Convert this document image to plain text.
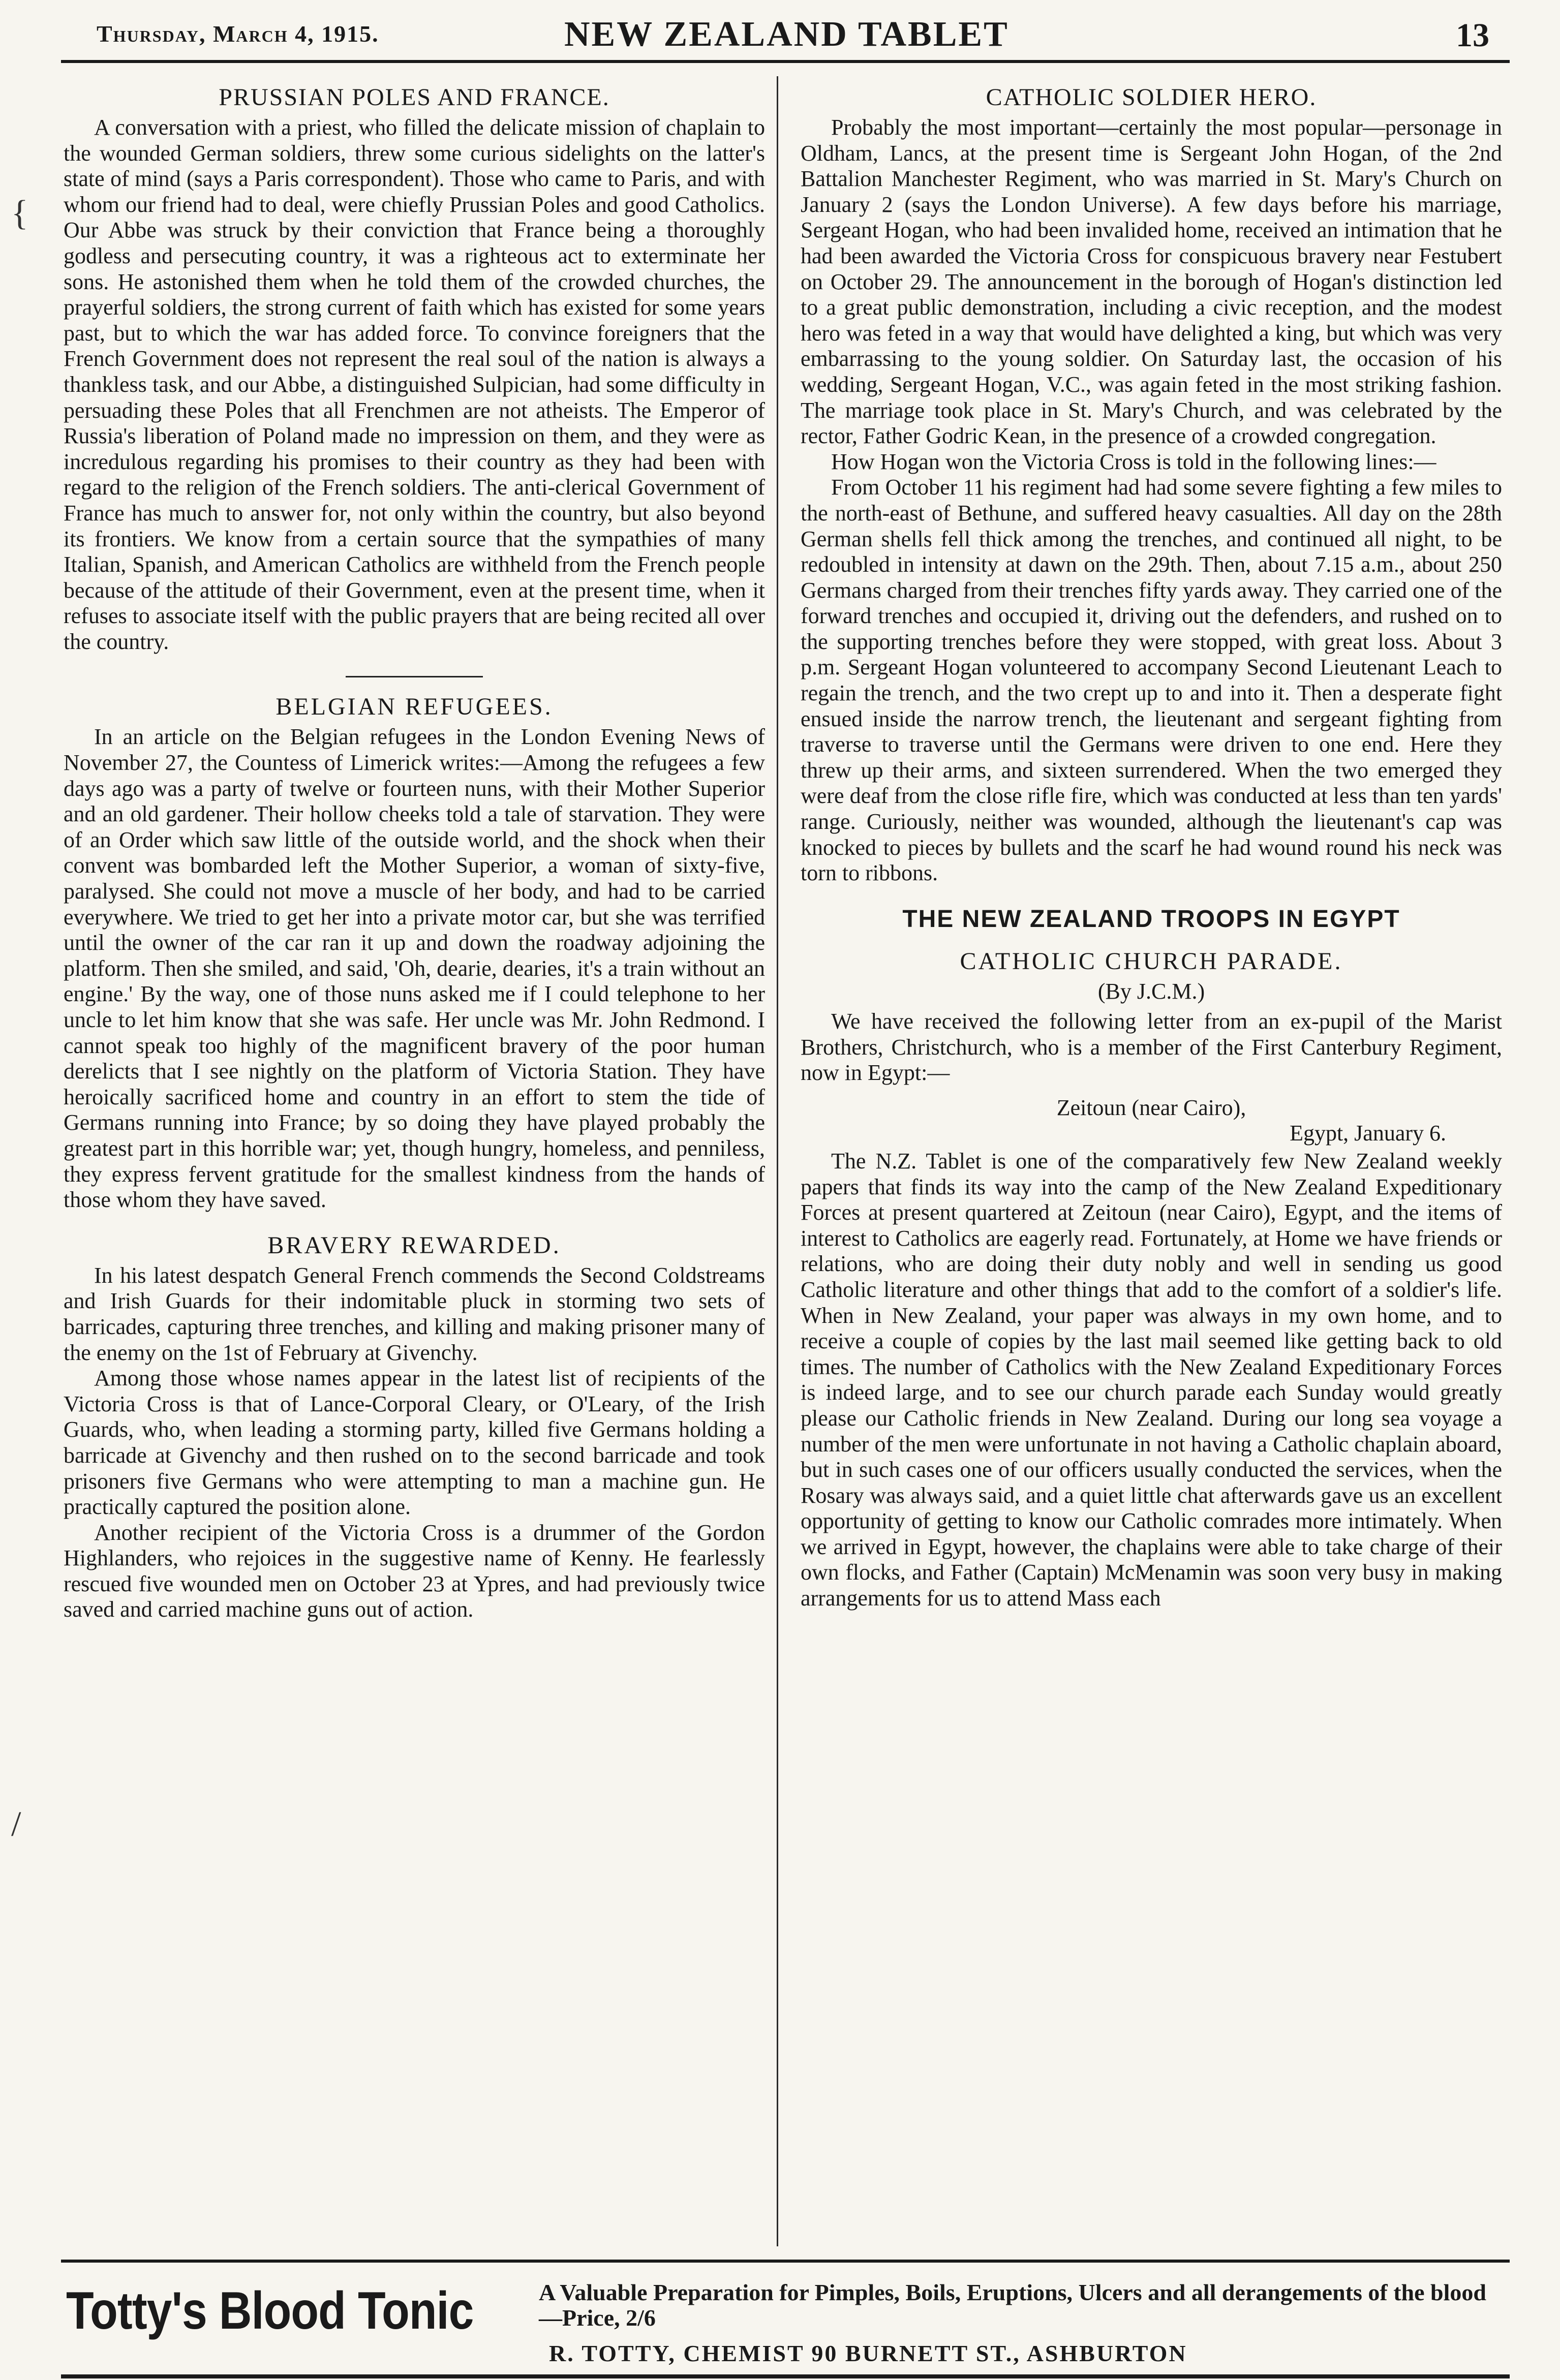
Thursday, March 4, 1915.	NEW ZEALAND TABLET	13
PRUSSIAN POLES AND FRANCE.

A conversation with a priest, who filled the delicate mission of chaplain to the wounded German soldiers, threw some curious sidelights on the latter's state of mind (says a Paris correspondent). Those who came to Paris, and with whom our friend had to deal, were chiefly Prussian Poles and good Catholics. Our Abbe was struck by their conviction that France being a thoroughly godless and persecuting country, it was a righteous act to exterminate her sons. He astonished them when he told them of the crowded churches, the prayerful soldiers, the strong current of faith which has existed for some years past, but to which the war has added force. To convince foreigners that the French Government does not represent the real soul of the nation is always a thankless task, and our Abbe, a distinguished Sulpician, had some difficulty in persuading these Poles that all Frenchmen are not atheists. The Emperor of Russia's liberation of Poland made no impression on them, and they were as incredulous regarding his promises to their country as they had been with regard to the religion of the French soldiers. The anti-clerical Government of France has much to answer for, not only within the country, but also beyond its frontiers. We know from a certain source that the sympathies of many Italian, Spanish, and American Catholics are withheld from the French people because of the attitude of their Government, even at the present time, when it refuses to associate itself with the public prayers that are being recited all over the country.

BELGIAN REFUGEES.

In an article on the Belgian refugees in the London Evening News of November 27, the Countess of Limerick writes:—Among the refugees a few days ago was a party of twelve or fourteen nuns, with their Mother Superior and an old gardener. Their hollow cheeks told a tale of starvation. They were of an Order which saw little of the outside world, and the shock when their convent was bombarded left the Mother Superior, a woman of sixty-five, paralysed. She could not move a muscle of her body, and had to be carried everywhere. We tried to get her into a private motor car, but she was terrified until the owner of the car ran it up and down the roadway adjoining the platform. Then she smiled, and said, 'Oh, dearie, dearies, it's a train without an engine.' By the way, one of those nuns asked me if I could telephone to her uncle to let him know that she was safe. Her uncle was Mr. John Redmond. I cannot speak too highly of the magnificent bravery of the poor human derelicts that I see nightly on the platform of Victoria Station. They have heroically sacrificed home and country in an effort to stem the tide of Germans running into France; by so doing they have played probably the greatest part in this horrible war; yet, though hungry, homeless, and penniless, they express fervent gratitude for the smallest kindness from the hands of those whom they have saved.

BRAVERY REWARDED.

In his latest despatch General French commends the Second Coldstreams and Irish Guards for their indomitable pluck in storming two sets of barricades, capturing three trenches, and killing and making prisoner many of the enemy on the 1st of February at Givenchy.

Among those whose names appear in the latest list of recipients of the Victoria Cross is that of Lance-Corporal Cleary, or O'Leary, of the Irish Guards, who, when leading a storming party, killed five Germans holding a barricade at Givenchy and then rushed on to the second barricade and took prisoners five Germans who were attempting to man a machine gun. He practically captured the position alone.

Another recipient of the Victoria Cross is a drummer of the Gordon Highlanders, who rejoices in the suggestive name of Kenny. He fearlessly rescued five wounded men on October 23 at Ypres, and had previously twice saved and carried machine guns out of action.

CATHOLIC SOLDIER HERO.

Probably the most important—certainly the most popular—personage in Oldham, Lancs, at the present time is Sergeant John Hogan, of the 2nd Battalion Manchester Regiment, who was married in St. Mary's Church on January 2 (says the London Universe). A few days before his marriage, Sergeant Hogan, who had been invalided home, received an intimation that he had been awarded the Victoria Cross for conspicuous bravery near Festubert on October 29. The announcement in the borough of Hogan's distinction led to a great public demonstration, including a civic reception, and the modest hero was feted in a way that would have delighted a king, but which was very embarrassing to the young soldier. On Saturday last, the occasion of his wedding, Sergeant Hogan, V.C., was again feted in the most striking fashion. The marriage took place in St. Mary's Church, and was celebrated by the rector, Father Godric Kean, in the presence of a crowded congregation.

How Hogan won the Victoria Cross is told in the following lines:—

From October 11 his regiment had had some severe fighting a few miles to the north-east of Bethune, and suffered heavy casualties. All day on the 28th German shells fell thick among the trenches, and continued all night, to be redoubled in intensity at dawn on the 29th. Then, about 7.15 a.m., about 250 Germans charged from their trenches fifty yards away. They carried one of the forward trenches and occupied it, driving out the defenders, and rushed on to the supporting trenches before they were stopped, with great loss. About 3 p.m. Sergeant Hogan volunteered to accompany Second Lieutenant Leach to regain the trench, and the two crept up to and into it. Then a desperate fight ensued inside the narrow trench, the lieutenant and sergeant fighting from traverse to traverse until the Germans were driven to one end. Here they threw up their arms, and sixteen surrendered. When the two emerged they were deaf from the close rifle fire, which was conducted at less than ten yards' range. Curiously, neither was wounded, although the lieutenant's cap was knocked to pieces by bullets and the scarf he had wound round his neck was torn to ribbons.

THE NEW ZEALAND TROOPS IN EGYPT
CATHOLIC CHURCH PARADE.
(By J.C.M.)

We have received the following letter from an ex-pupil of the Marist Brothers, Christchurch, who is a member of the First Canterbury Regiment, now in Egypt:—

Zeitoun (near Cairo),
Egypt, January 6.

The N.Z. Tablet is one of the comparatively few New Zealand weekly papers that finds its way into the camp of the New Zealand Expeditionary Forces at present quartered at Zeitoun (near Cairo), Egypt, and the items of interest to Catholics are eagerly read. Fortunately, at Home we have friends or relations, who are doing their duty nobly and well in sending us good Catholic literature and other things that add to the comfort of a soldier's life. When in New Zealand, your paper was always in my own home, and to receive a couple of copies by the last mail seemed like getting back to old times. The number of Catholics with the New Zealand Expeditionary Forces is indeed large, and to see our church parade each Sunday would greatly please our Catholic friends in New Zealand. During our long sea voyage a number of the men were unfortunate in not having a Catholic chaplain aboard, but in such cases one of our officers usually conducted the services, when the Rosary was always said, and a quiet little chat afterwards gave us an excellent opportunity of getting to know our Catholic comrades more intimately. When we arrived in Egypt, however, the chaplains were able to take charge of their own flocks, and Father (Captain) McMenamin was soon very busy in making arrangements for us to attend Mass each

{
/
Totty's Blood Tonic	A Valuable Preparation for Pimples, Boils, Eruptions, Ulcers and all derangements of the blood—Price, 2/6
R. TOTTY, CHEMIST 90 BURNETT ST., ASHBURTON
